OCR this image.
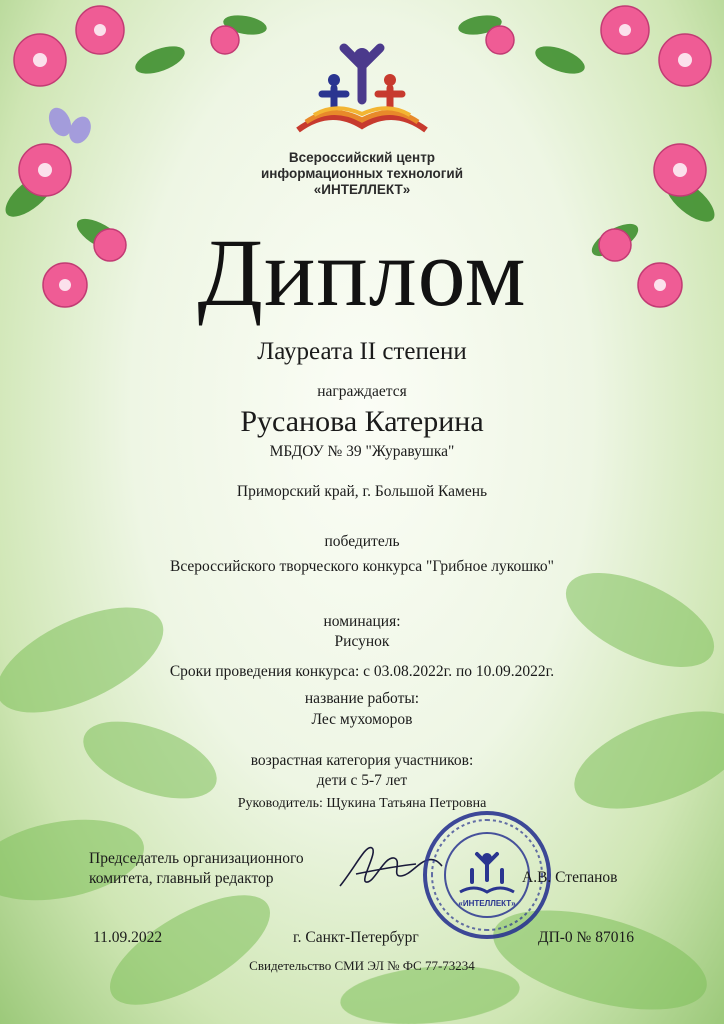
Всероссийский центр
информационных технологий
«ИНТЕЛЛЕКТ»
Диплом
Лауреата II степени
награждается
Русанова Катерина
МБДОУ № 39 "Журавушка"
Приморский край, г. Большой Камень
победитель
Всероссийского творческого конкурса "Грибное лукошко"
номинация:
Рисунок
Сроки проведения конкурса: с 03.08.2022г. по 10.09.2022г.
название работы:
Лес мухоморов
возрастная категория участников:
дети с 5-7 лет
Руководитель: Щукина Татьяна Петровна
Председатель организационного
комитета, главный редактор
«ИНТЕЛЛЕКТ»
А.В. Степанов
11.09.2022	г. Санкт-Петербург	ДП-0 № 87016
Свидетельство СМИ ЭЛ № ФС 77-73234
